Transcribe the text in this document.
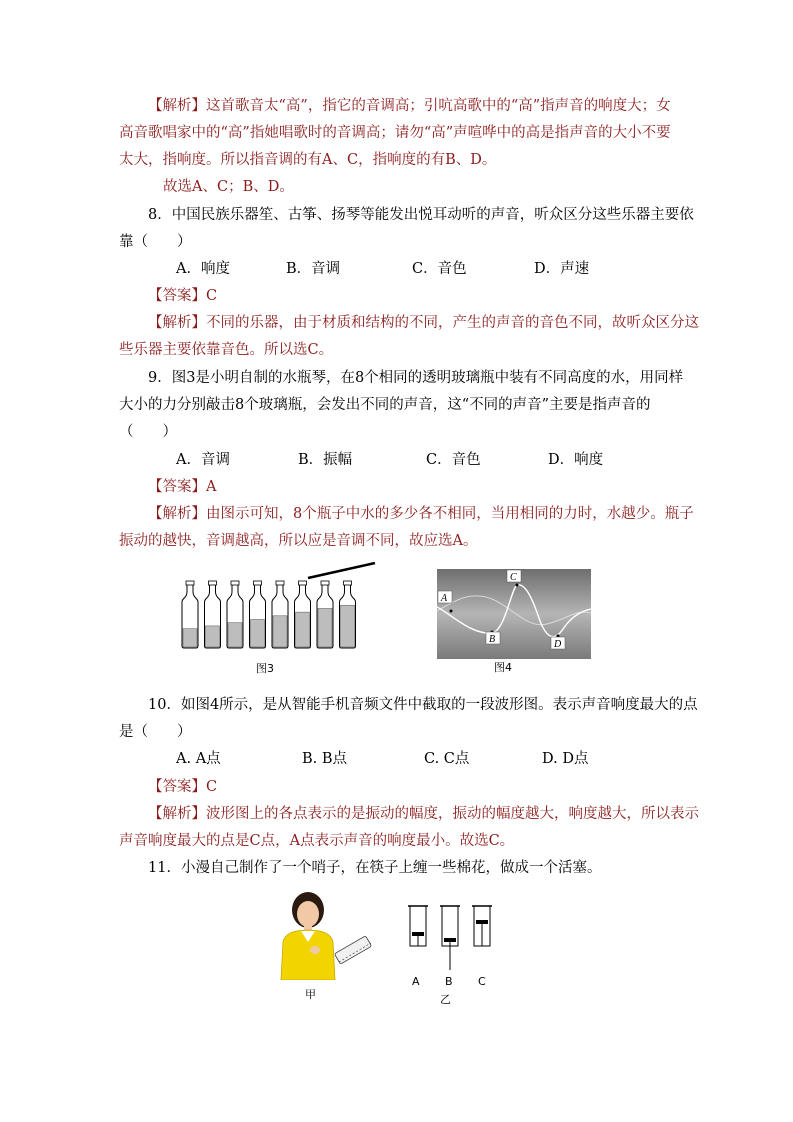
【解析】这首歌音太“高”，指它的音调高；引吭高歌中的“高”指声音的响度大；女
高音歌唱家中的“高”指她唱歌时的音调高；请勿“高”声喧哗中的高是指声音的大小不要
太大，指响度。所以指音调的有A、C，指响度的有B、D。
故选A、C；B、D。
8．中国民族乐器笙、古筝、扬琴等能发出悦耳动听的声音，听众区分这些乐器主要依
靠（　　）
A．响度	B．音调	C．音色	D．声速
【答案】C
【解析】不同的乐器，由于材质和结构的不同，产生的声音的音色不同，故听众区分这
些乐器主要依靠音色。所以选C。
9．图3是小明自制的水瓶琴，在8个相同的透明玻璃瓶中装有不同高度的水，用同样
大小的力分别敲击8个玻璃瓶，会发出不同的声音，这“不同的声音”主要是指声音的
（　　）
A．音调	B．振幅	C．音色	D．响度
【答案】A
【解析】由图示可知，8个瓶子中水的多少各不相同，当用相同的力时，水越少。瓶子
振动的越快，音调越高，所以应是音调不同，故应选A。
图3
A
B
C
D
图4
10．如图4所示，是从智能手机音频文件中截取的一段波形图。表示声音响度最大的点
是（　　）
A. A点	B. B点	C. C点	D. D点
【答案】C
【解析】波形图上的各点表示的是振动的幅度，振动的幅度越大，响度越大，所以表示
声音响度最大的点是C点，A点表示声音的响度最小。故选C。
11．小漫自己制作了一个哨子，在筷子上缠一些棉花，做成一个活塞。
甲
A B C
乙
